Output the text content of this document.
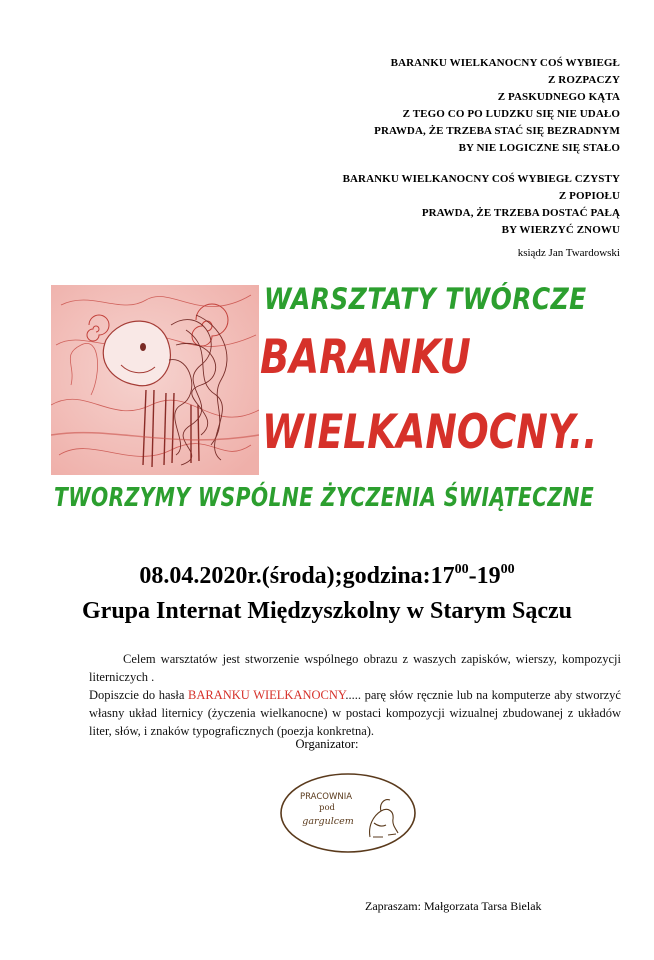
BARANKU WIELKANOCNY COŚ WYBIEGŁ
Z ROZPACZY
Z PASKUDNEGO KĄTA
Z TEGO CO PO LUDZKU SIĘ NIE UDAŁO
PRAWDA, ŻE TRZEBA STAĆ SIĘ BEZRADNYM
BY NIE LOGICZNE SIĘ STAŁO
BARANKU WIELKANOCNY COŚ WYBIEGŁ CZYSTY
Z POPIOŁU
PRAWDA, ŻE TRZEBA DOSTAĆ PAŁĄ
BY WIERZYĆ ZNOWU
ksiądz Jan Twardowski
WARSZTATY TWÓRCZE
BARANKU
WIELKANOCNY..
TWORZYMY WSPÓLNE ŻYCZENIA ŚWIĄTECZNE
$08.04.2020r.(środa);godzina:17^{00}-19^{00}$
Grupa Internat Międzyszkolny w Starym Sączu

Celem warsztatów jest stworzenie wspólnego obrazu z waszych zapisków, wierszy, kompozycji literniczych .

Dopiszcie do hasła BARANKU WIELKANOCNY..... parę słów ręcznie lub na komputerze aby stworzyć własny układ liternicy (życzenia wielkanocne) w postaci kompozycji wizualnej zbudowanej z układów liter, słów, i znaków typograficznych (poezja konkretna).

Organizator:
PRACOWNIA
pod
gargulcem
Zapraszam: Małgorzata Tarsa Bielak
